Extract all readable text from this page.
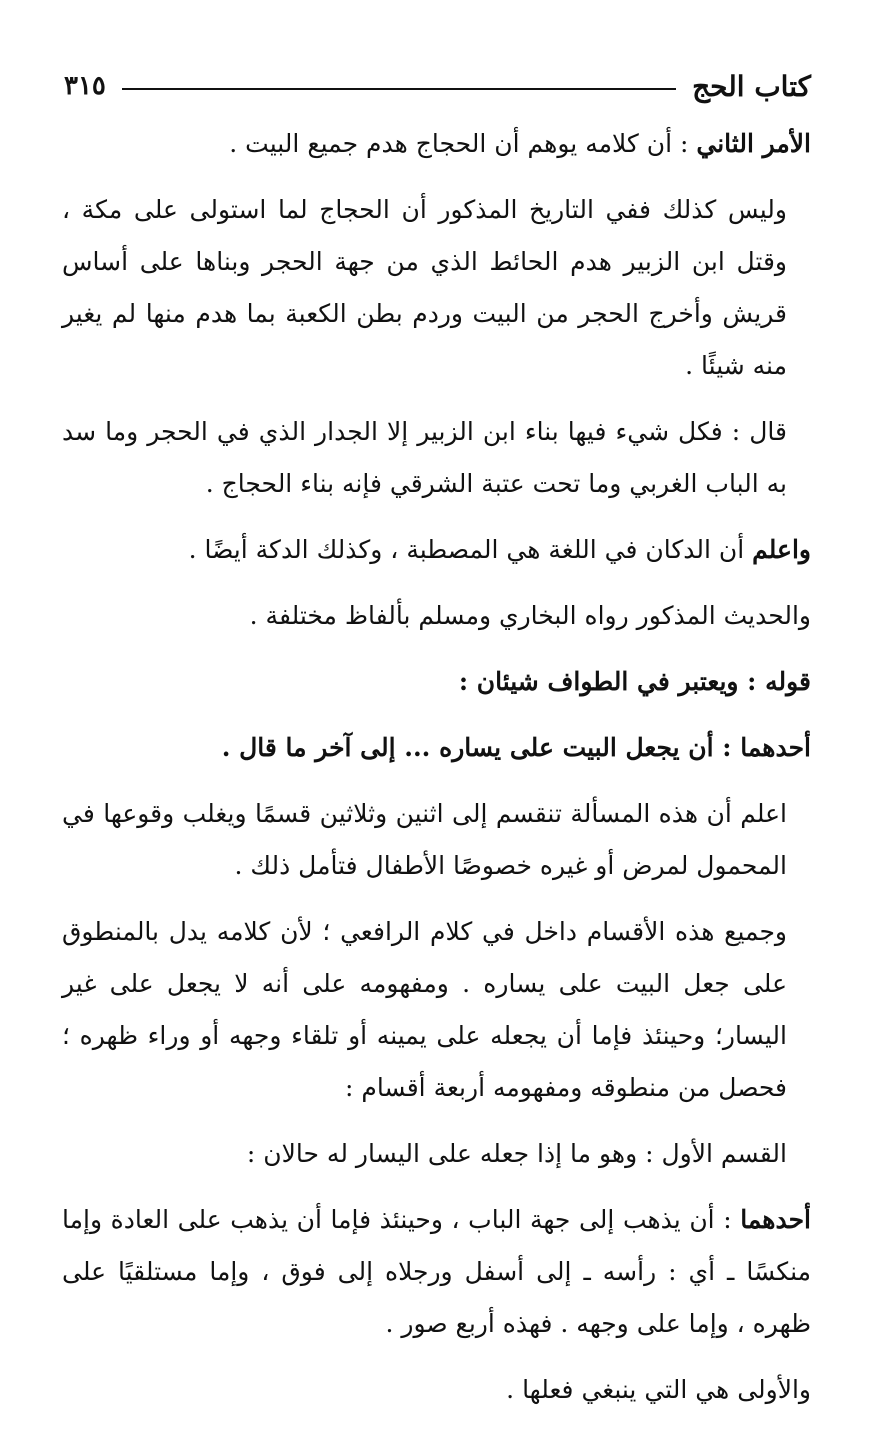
كتاب الحج
٣١٥

الأمر الثاني : أن كلامه يوهم أن الحجاج هدم جميع البيت .

وليس كذلك ففي التاريخ المذكور أن الحجاج لما استولى على مكة ، وقتل ابن الزبير هدم الحائط الذي من جهة الحجر وبناها على أساس قريش وأخرج الحجر من البيت وردم بطن الكعبة بما هدم منها لم يغير منه شيئًا .

قال : فكل شيء فيها بناء ابن الزبير إلا الجدار الذي في الحجر وما سد به الباب الغربي وما تحت عتبة الشرقي فإنه بناء الحجاج .

واعلم أن الدكان في اللغة هي المصطبة ، وكذلك الدكة أيضًا .

والحديث المذكور رواه البخاري ومسلم بألفاظ مختلفة .

قوله : ويعتبر في الطواف شيئان :

أحدهما : أن يجعل البيت على يساره ... إلى آخر ما قال .

اعلم أن هذه المسألة تنقسم إلى اثنين وثلاثين قسمًا ويغلب وقوعها في المحمول لمرض أو غيره خصوصًا الأطفال فتأمل ذلك .

وجميع هذه الأقسام داخل في كلام الرافعي ؛ لأن كلامه يدل بالمنطوق على جعل البيت على يساره . ومفهومه على أنه لا يجعل على غير اليسار؛ وحينئذ فإما أن يجعله على يمينه أو تلقاء وجهه أو وراء ظهره ؛ فحصل من منطوقه ومفهومه أربعة أقسام :

القسم الأول : وهو ما إذا جعله على اليسار له حالان :

أحدهما : أن يذهب إلى جهة الباب ، وحينئذ فإما أن يذهب على العادة وإما منكسًا ـ أي : رأسه ـ إلى أسفل ورجلاه إلى فوق ، وإما مستلقيًا على ظهره ، وإما على وجهه . فهذه أربع صور .

والأولى هي التي ينبغي فعلها .
